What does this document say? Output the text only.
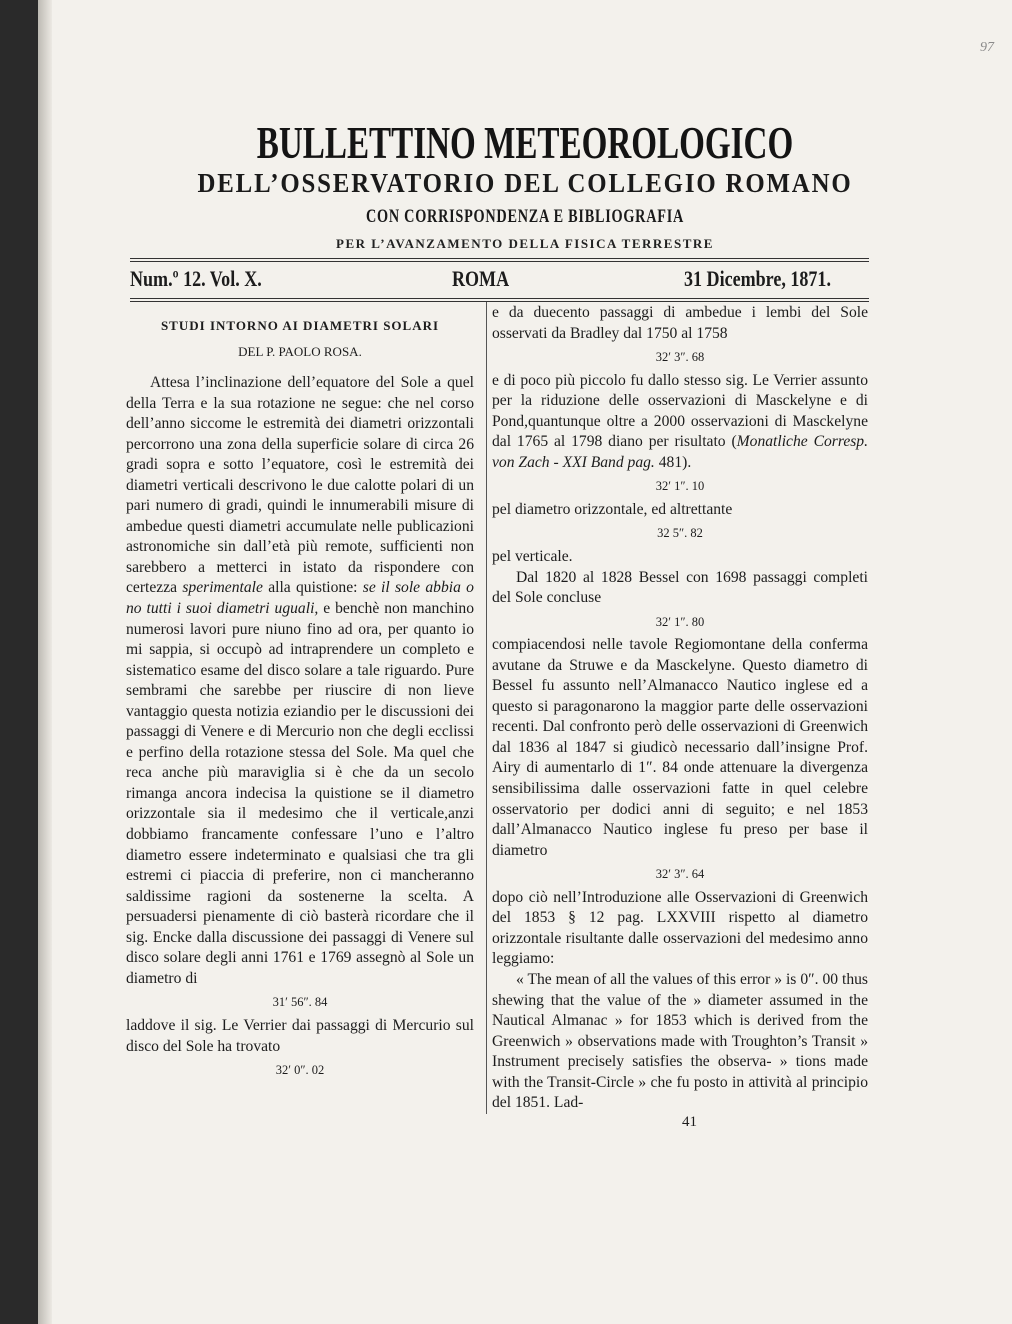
97
BULLETTINO METEOROLOGICO
DELL’OSSERVATORIO DEL COLLEGIO ROMANO
CON CORRISPONDENZA E BIBLIOGRAFIA
PER L’AVANZAMENTO DELLA FISICA TERRESTRE
Num.º 12. Vol. X.	ROMA	31 Dicembre, 1871.
STUDI INTORNO AI DIAMETRI SOLARI
DEL P. PAOLO ROSA.

Attesa l’inclinazione dell’equatore del Sole a quel della Terra e la sua rotazione ne segue: che nel corso dell’anno siccome le estremità dei diametri orizzontali percorrono una zona della superficie solare di circa 26 gradi sopra e sotto l’equatore, così le estremità dei diametri verticali descrivono le due calotte polari di un pari numero di gradi, quindi le innumerabili misure di ambedue questi diametri accumulate nelle publicazioni astronomiche sin dall’età più remote, sufficienti non sarebbero a metterci in istato da rispondere con certezza sperimentale alla quistione: se il sole abbia o no tutti i suoi diametri uguali, e benchè non manchino numerosi lavori pure niuno fino ad ora, per quanto io mi sappia, si occupò ad intraprendere un completo e sistematico esame del disco solare a tale riguardo. Pure sembrami che sarebbe per riuscire di non lieve vantaggio questa notizia eziandio per le discussioni dei passaggi di Venere e di Mercurio non che degli ecclissi e perfino della rotazione stessa del Sole. Ma quel che reca anche più maraviglia si è che da un secolo rimanga ancora indecisa la quistione se il diametro orizzontale sia il medesimo che il verticale,anzi dobbiamo francamente confessare l’uno e l’altro diametro essere indeterminato e qualsiasi che tra gli estremi ci piaccia di preferire, non ci mancheranno saldissime ragioni da sostenerne la scelta. A persuadersi pienamente di ciò basterà ricordare che il sig. Encke dalla discussione dei passaggi di Venere sul disco solare degli anni 1761 e 1769 assegnò al Sole un diametro di

31′ 56″. 84

laddove il sig. Le Verrier dai passaggi di Mercurio sul disco del Sole ha trovato

32′ 0″. 02

e da duecento passaggi di ambedue i lembi del Sole osservati da Bradley dal 1750 al 1758

32′ 3″. 68

e di poco più piccolo fu dallo stesso sig. Le Verrier assunto per la riduzione delle osservazioni di Masckelyne e di Pond,quantunque oltre a 2000 osservazioni di Masckelyne dal 1765 al 1798 diano per risultato (Monatliche Corresp. von Zach - XXI Band pag. 481).

32′ 1″. 10

pel diametro orizzontale, ed altrettante

32 5″. 82

pel verticale.

Dal 1820 al 1828 Bessel con 1698 passaggi completi del Sole concluse

32′ 1″. 80

compiacendosi nelle tavole Regiomontane della conferma avutane da Struwe e da Masckelyne. Questo diametro di Bessel fu assunto nell’Almanacco Nautico inglese ed a questo si paragonarono la maggior parte delle osservazioni recenti. Dal confronto però delle osservazioni di Greenwich dal 1836 al 1847 si giudicò necessario dall’insigne Prof. Airy di aumentarlo di 1″. 84 onde attenuare la divergenza sensibilissima dalle osservazioni fatte in quel celebre osservatorio per dodici anni di seguito; e nel 1853 dall’Almanacco Nautico inglese fu preso per base il diametro

32′ 3″. 64

dopo ciò nell’Introduzione alle Osservazioni di Greenwich del 1853 § 12 pag. LXXVIII rispetto al diametro orizzontale risultante dalle osservazioni del medesimo anno leggiamo:

« The mean of all the values of this error » is 0″. 00 thus shewing that the value of the » diameter assumed in the Nautical Almanac » for 1853 which is derived from the Greenwich » observations made with Troughton’s Transit » Instrument precisely satisfies the observa- » tions made with the Transit-Circle » che fu posto in attività al principio del 1851. Lad-

41
